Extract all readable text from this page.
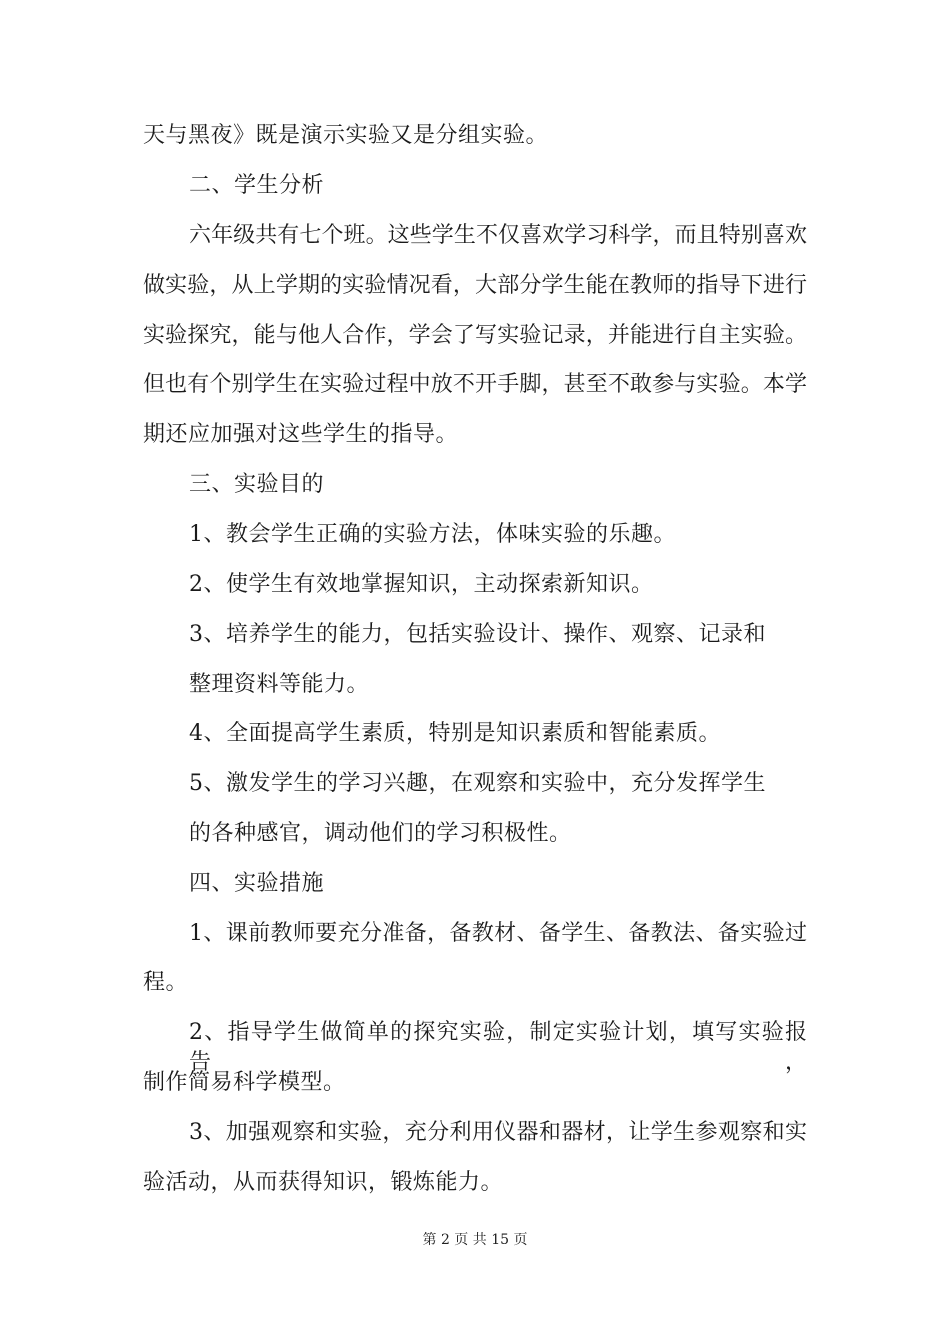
天与黑夜》既是演示实验又是分组实验。
二、学生分析
六年级共有七个班。这些学生不仅喜欢学习科学，而且特别喜欢
做实验，从上学期的实验情况看，大部分学生能在教师的指导下进行
实验探究，能与他人合作，学会了写实验记录，并能进行自主实验。
但也有个别学生在实验过程中放不开手脚，甚至不敢参与实验。本学
期还应加强对这些学生的指导。
三、实验目的
1、教会学生正确的实验方法，体味实验的乐趣。
2、使学生有效地掌握知识，主动探索新知识。
3、培养学生的能力，包括实验设计、操作、观察、记录和
整理资料等能力。
4、全面提高学生素质，特别是知识素质和智能素质。
5、激发学生的学习兴趣，在观察和实验中，充分发挥学生
的各种感官，调动他们的学习积极性。
四、实验措施
1、课前教师要充分准备，备教材、备学生、备教法、备实验过
程。
2、指导学生做简单的探究实验，制定实验计划，填写实验报告，
制作简易科学模型。
3、加强观察和实验，充分利用仪器和器材，让学生参观察和实
验活动，从而获得知识，锻炼能力。
第 2 页 共 15 页
